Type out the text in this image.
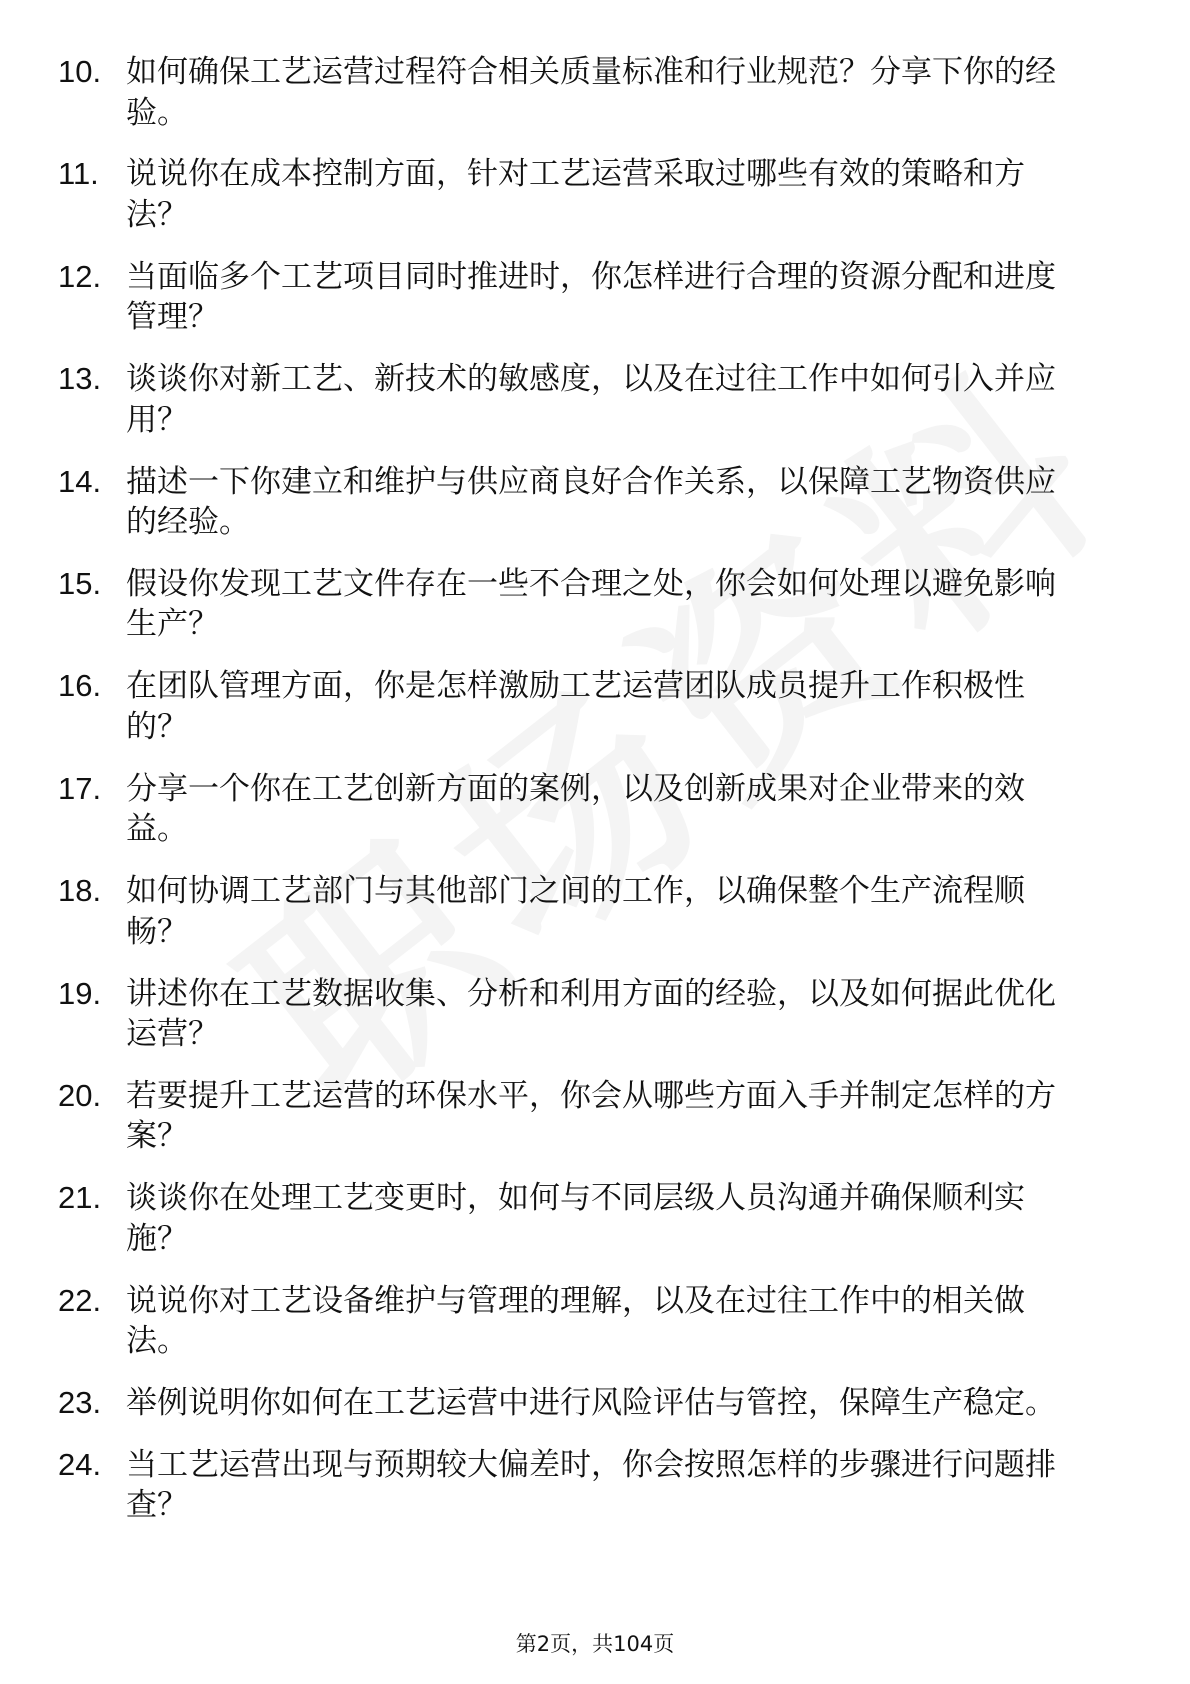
10. 如何确保工艺运营过程符合相关质量标准和行业规范？分享下你的经验。
11. 说说你在成本控制方面，针对工艺运营采取过哪些有效的策略和方法？
12. 当面临多个工艺项目同时推进时，你怎样进行合理的资源分配和进度管理？
13. 谈谈你对新工艺、新技术的敏感度，以及在过往工作中如何引入并应用？
14. 描述一下你建立和维护与供应商良好合作关系，以保障工艺物资供应的经验。
15. 假设你发现工艺文件存在一些不合理之处，你会如何处理以避免影响生产？
16. 在团队管理方面，你是怎样激励工艺运营团队成员提升工作积极性的？
17. 分享一个你在工艺创新方面的案例，以及创新成果对企业带来的效益。
18. 如何协调工艺部门与其他部门之间的工作，以确保整个生产流程顺畅？
19. 讲述你在工艺数据收集、分析和利用方面的经验，以及如何据此优化运营？
20. 若要提升工艺运营的环保水平，你会从哪些方面入手并制定怎样的方案？
21. 谈谈你在处理工艺变更时，如何与不同层级人员沟通并确保顺利实施？
22. 说说你对工艺设备维护与管理的理解，以及在过往工作中的相关做法。
23. 举例说明你如何在工艺运营中进行风险评估与管控，保障生产稳定。
24. 当工艺运营出现与预期较大偏差时，你会按照怎样的步骤进行问题排查？
第2页，共104页
